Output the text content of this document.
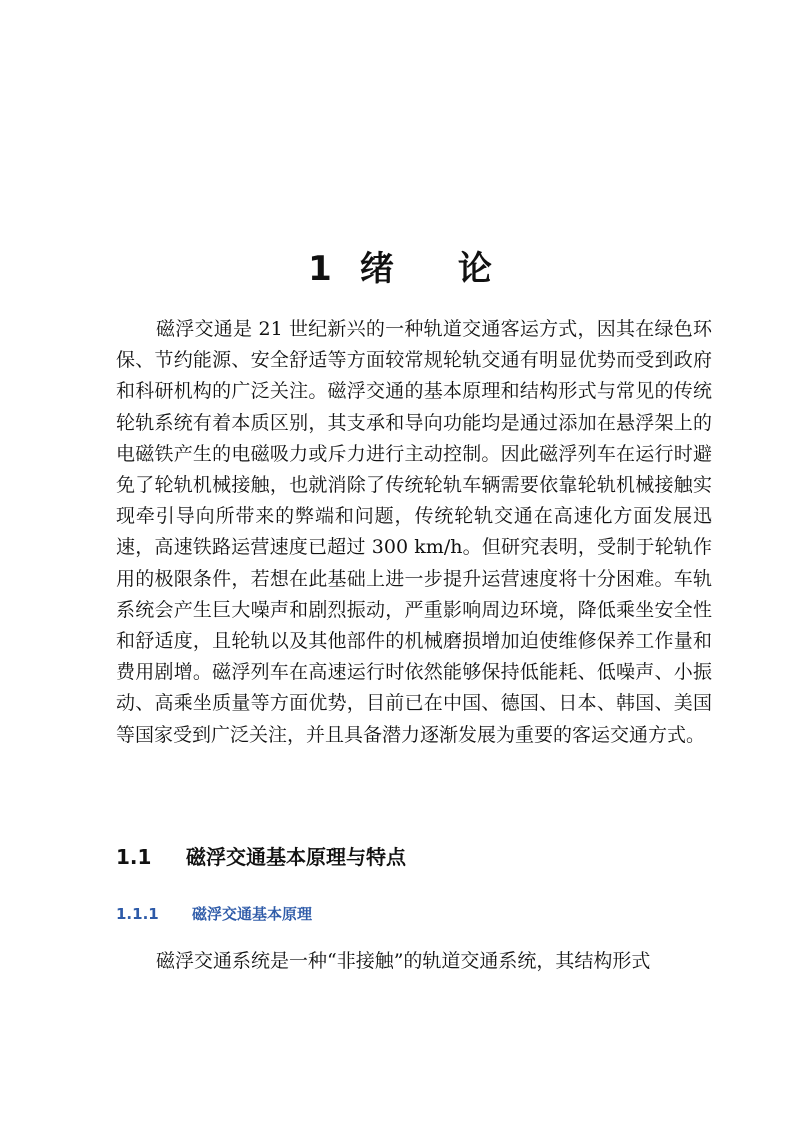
1 绪 论

磁浮交通是 21 世纪新兴的一种轨道交通客运方式，因其在绿色环保、节约能源、安全舒适等方面较常规轮轨交通有明显优势而受到政府和科研机构的广泛关注。磁浮交通的基本原理和结构形式与常见的传统轮轨系统有着本质区别，其支承和导向功能均是通过添加在悬浮架上的电磁铁产生的电磁吸力或斥力进行主动控制。因此磁浮列车在运行时避免了轮轨机械接触，也就消除了传统轮轨车辆需要依靠轮轨机械接触实现牵引导向所带来的弊端和问题，传统轮轨交通在高速化方面发展迅速，高速铁路运营速度已超过 300 km/h。但研究表明，受制于轮轨作用的极限条件，若想在此基础上进一步提升运营速度将十分困难。车轨系统会产生巨大噪声和剧烈振动，严重影响周边环境，降低乘坐安全性和舒适度，且轮轨以及其他部件的机械磨损增加迫使维修保养工作量和费用剧增。磁浮列车在高速运行时依然能够保持低能耗、低噪声、小振动、高乘坐质量等方面优势，目前已在中国、德国、日本、韩国、美国等国家受到广泛关注，并且具备潜力逐渐发展为重要的客运交通方式。

1.1 磁浮交通基本原理与特点
1.1.1 磁浮交通基本原理

磁浮交通系统是一种“非接触”的轨道交通系统，其结构形式
